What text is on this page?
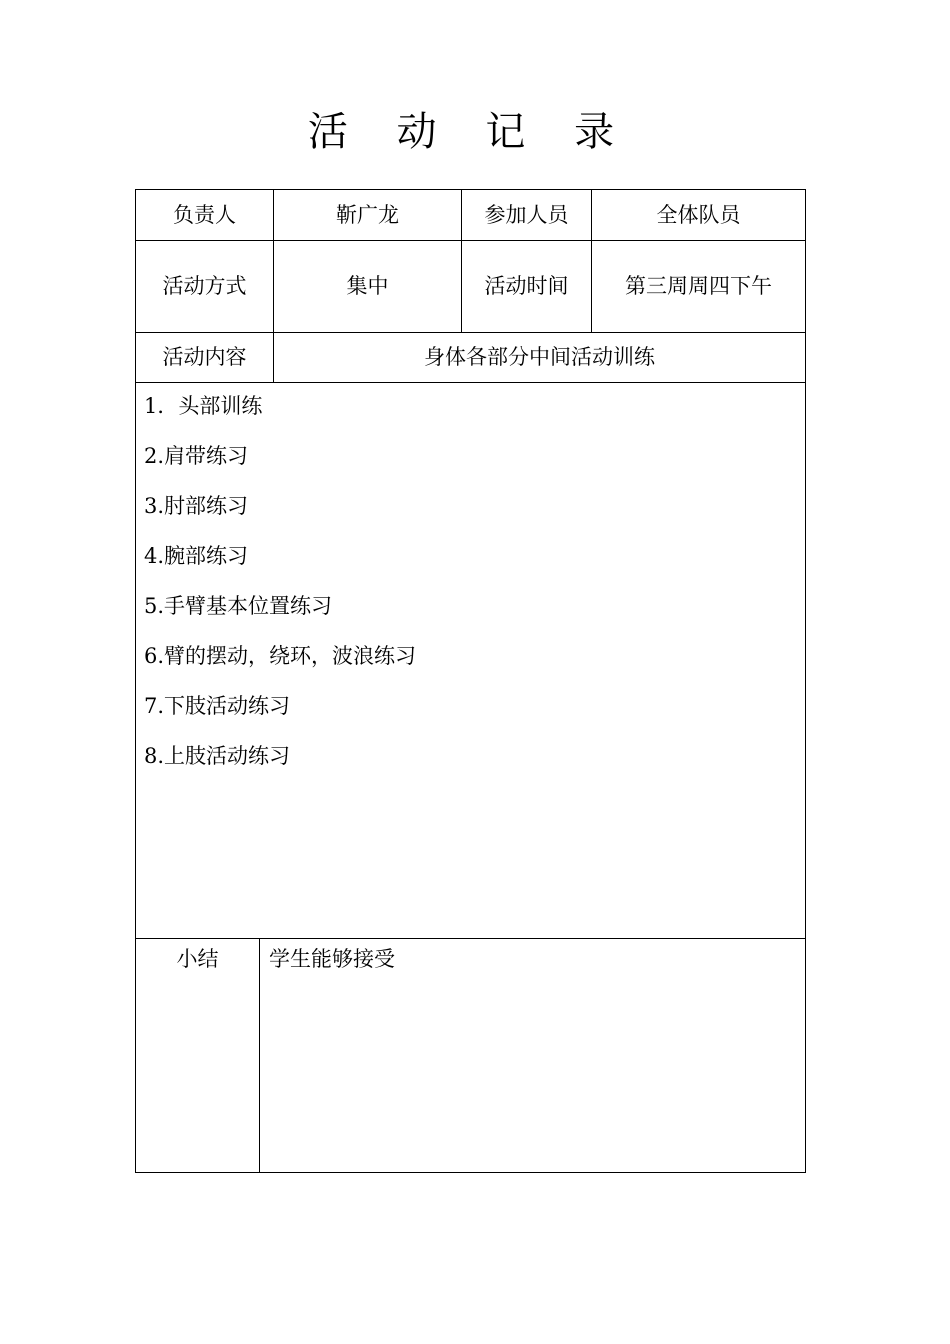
活 动 记 录
负责人	靳广龙	参加人员	全体队员
活动方式	集中	活动时间	第三周周四下午
活动内容	身体各部分中间活动训练
1．头部训练
2.肩带练习
3.肘部练习
4.腕部练习
5.手臂基本位置练习
6.臂的摆动，绕环，波浪练习
7.下肢活动练习
8.上肢活动练习
小结	学生能够接受
